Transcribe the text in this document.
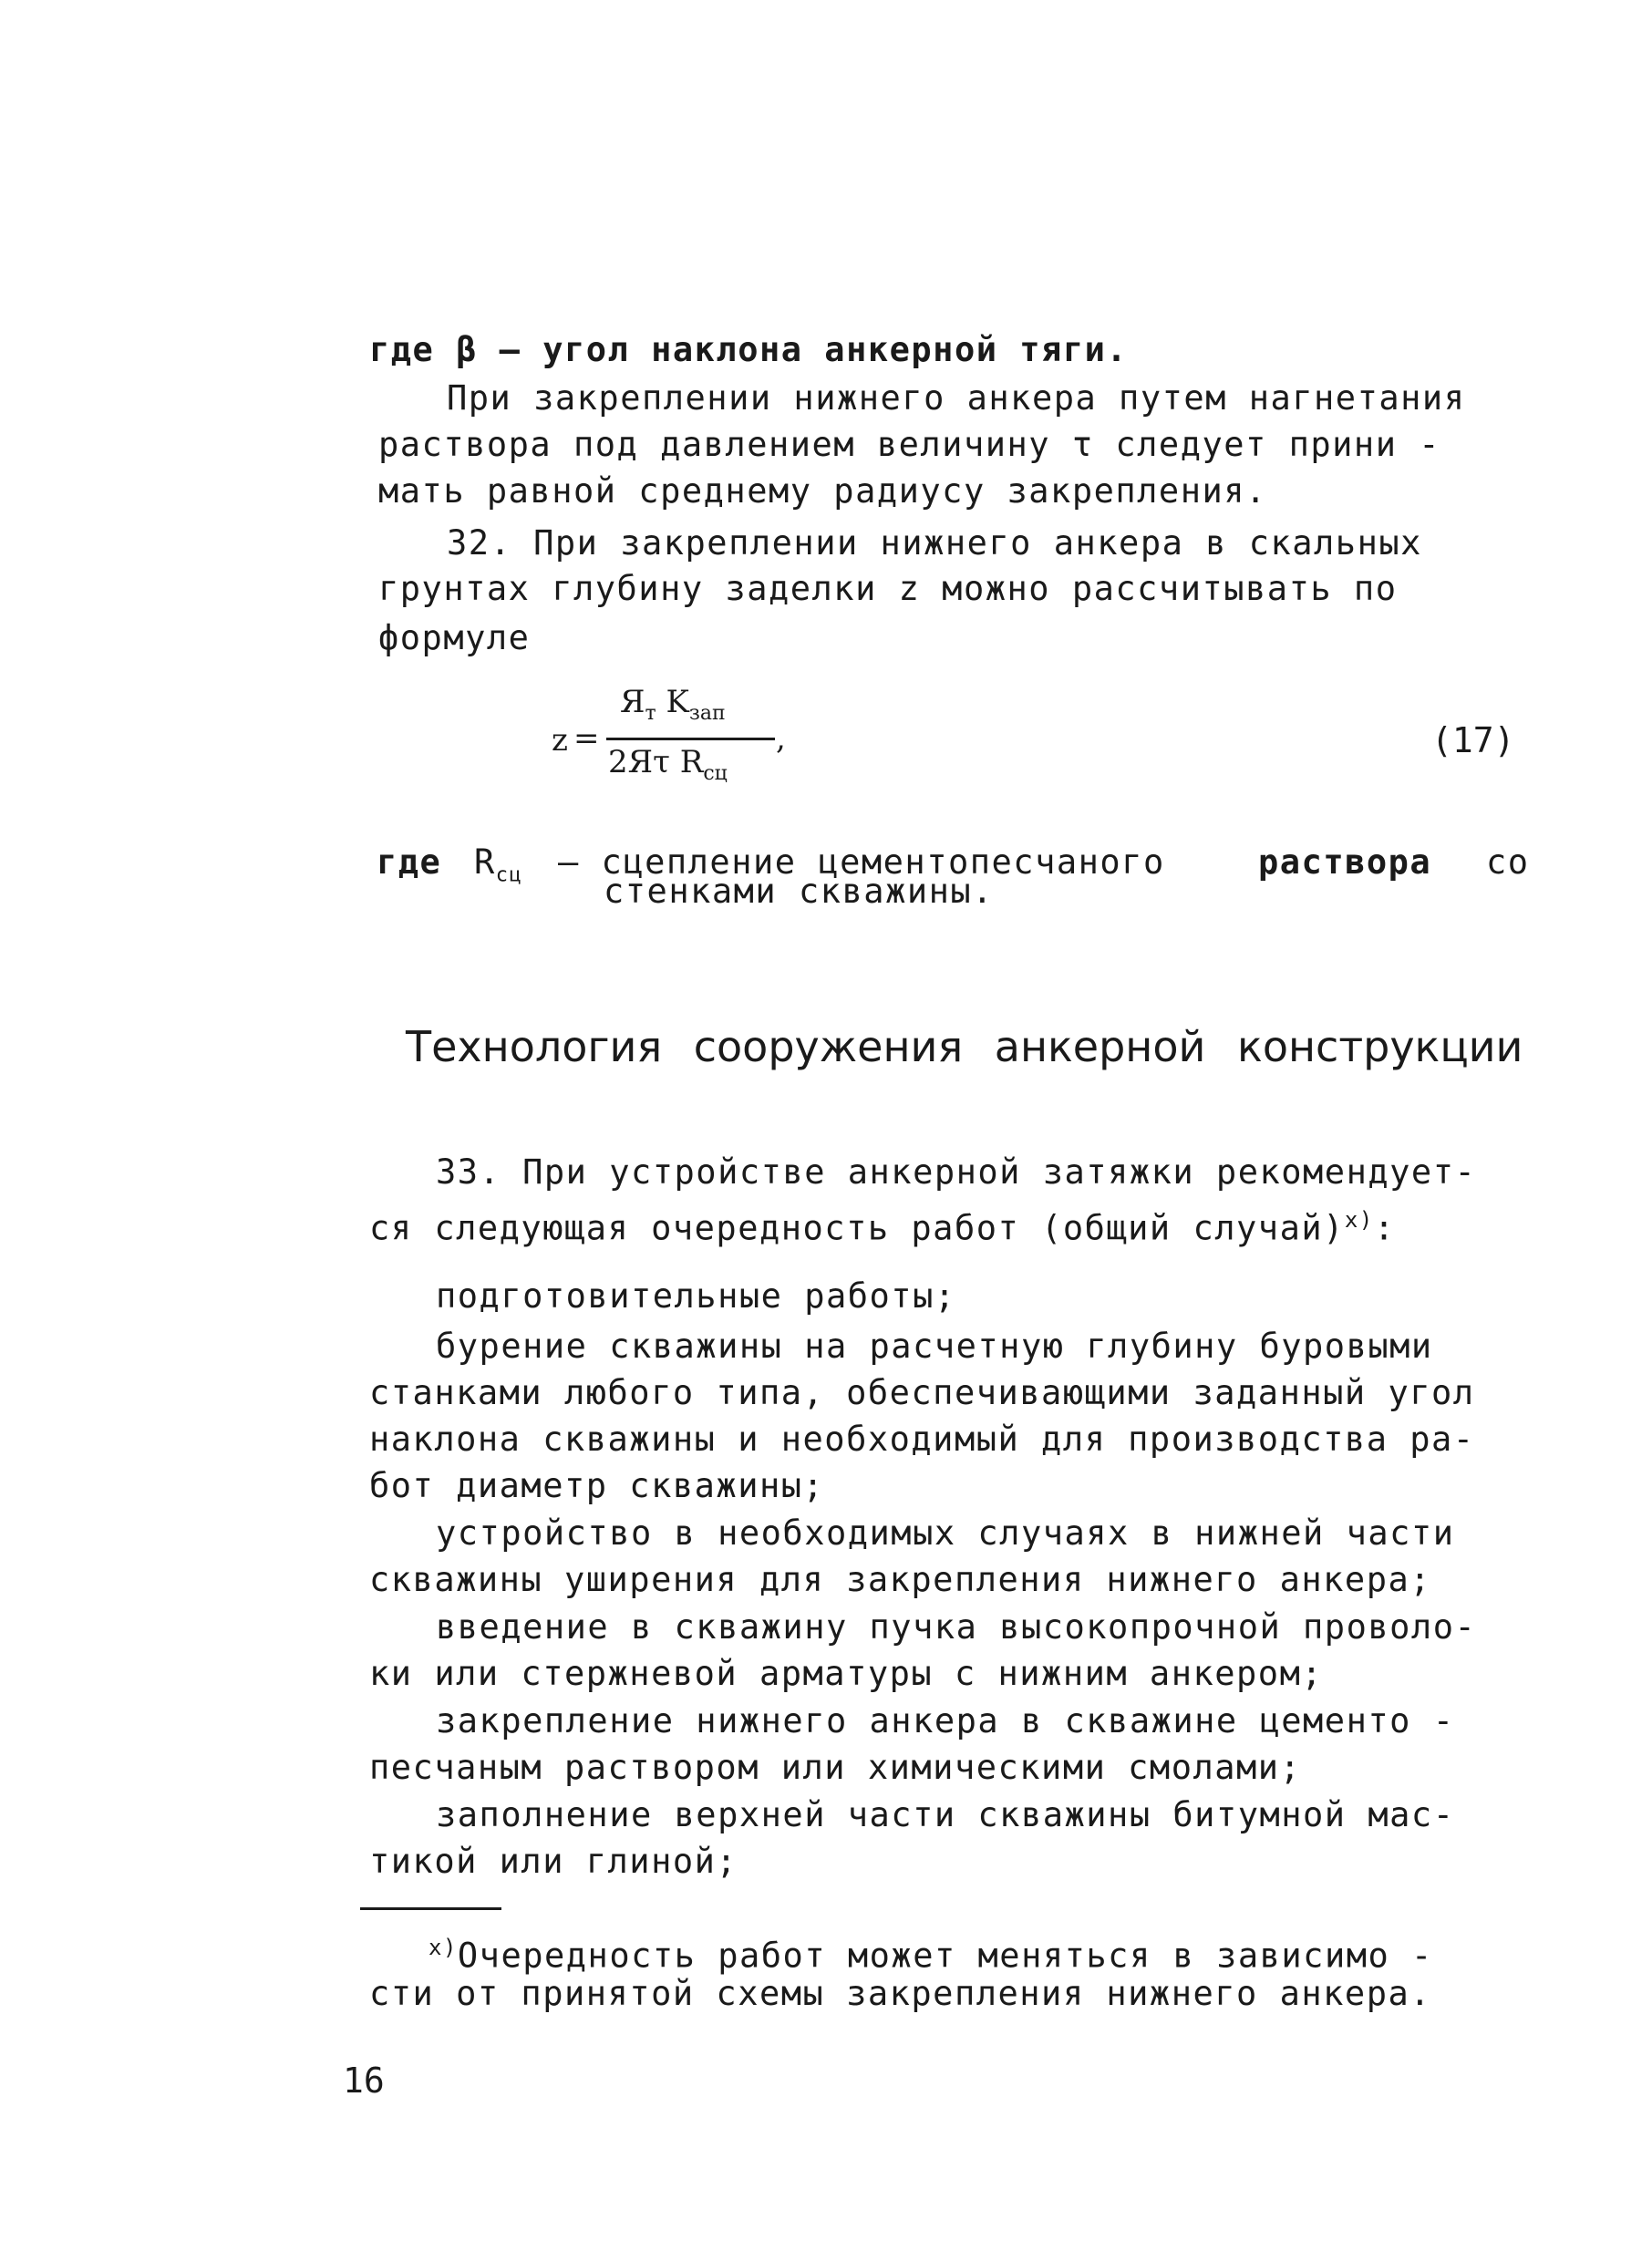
где β – угол наклона анкерной тяги.
При закреплении нижнего анкера путем нагнетания
раствора под давлением величину τ следует прини -
мать равной среднему радиусу закрепления.
32. При закреплении нижнего анкера в скальных
грунтах глубину заделки z можно рассчитывать по
формуле
z =
$Я_т$ $K_{зап}$
2Яτ $R_{сц}$
,	(17)
где $R_{сц}$ – сцепление цементопесчаного	раствора со
стенками скважины.
Технология сооружения анкерной конструкции
33. При устройстве анкерной затяжки рекомендует-
ся следующая очередность работ (общий случай)$^{x)}$:
подготовительные работы;
бурение скважины на расчетную глубину буровыми
станками любого типа, обеспечивающими заданный угол
наклона скважины и необходимый для производства ра-
бот диаметр скважины;
устройство в необходимых случаях в нижней части
скважины уширения для закрепления нижнего анкера;
введение в скважину пучка высокопрочной проволо-
ки или стержневой арматуры с нижним анкером;
закрепление нижнего анкера в скважине цементо -
песчаным раствором или химическими смолами;
заполнение верхней части скважины битумной мас-
тикой или глиной;
$^{x)}$Очередность работ может меняться в зависимо -
сти от принятой схемы закрепления нижнего анкера.
16
